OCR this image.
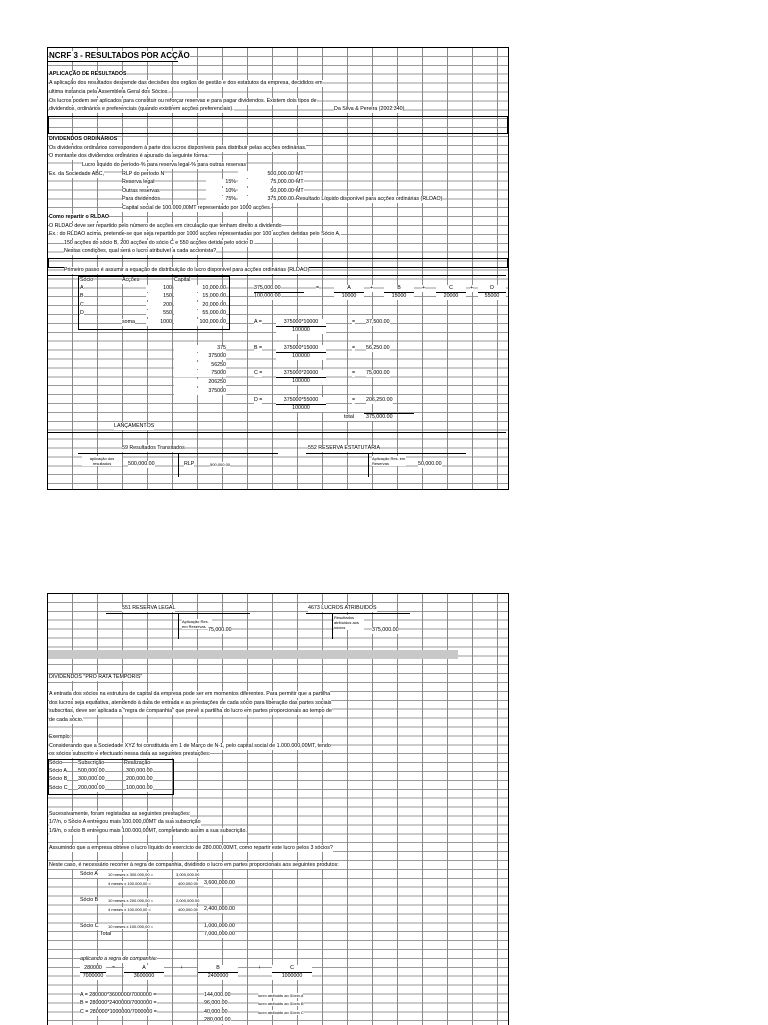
NCRF 3 - RESULTADOS POR ACÇÃO
APLICAÇÃO DE RESULTADOS
A aplicação dos resultados despende das decisões dos orgãos de gestão e dos estatutos da empresa, decididos em
ultima instancia pela Assembleia Geral dos Sócios.
Os lucros podem ser aplicados para constituir ou reforçar reservas e para pagar dividendos. Existem dois tipos de
dividendos, ordinários e preferenciais (quando existirem acções preferenciais).	Da Silva & Pereira (2002:340)
DIVIDENDOS ORDINÁRIOS
Os dividendos ordinários correspondem à parte dos lucros disponíveis para distribuir pelas acções ordinárias.
O montante dos dividendos ordinários é apurado da seguinte forma:
Lucro líquido do período-% para reserva legal-% para outras reservas
Ex. da Sociedade ABC,	RLP do período N	500,000.00 MT
Reserva legal	15%	75,000.00 MT
Outras reservas	10%	50,000.00 MT
Para dividendos	75%	375,000.00 Resultado Líquido disponível para acções ordinárias (RLDAO)
Capital social de 100.000,00MT representado por 1000 acções.
Como repartir o RLDAO
O RLDAO deve ser repartido pelo número de acções em circulação que tenham direito a dividendo
Ex.: do RLDAO acima, pretende-se que seja repartido por 1000 acções representadas por 100 acções detidas pelo Sócio A,
150 acções do sócio B, 200 acções do sócio C e 550 acções detida pelo sócio D.
Nestas condições, qual será o lucro atribuível a cada accionista?
Primeiro passo é assumir a equação de distribuição do lucro disponivel para acções ordinárias (RLDAO)
Sócio	Acções	Capital
A	100	10,000.00
B	150	15,000.00
C	200	20,000.00
D	550	55,000.00
soma	1000	100,000.00
375,000.00
100,000.00
=	A
10000
+	B
15000
+	C
20000
+	D
55000
A =	375000*10000
100000
= 37,500.00
375
375000
56250
75000
206250
375000
B =	375000*15000
100000
= 56,250.00
C =	375000*20000
100000
= 75,000.00
D =	375000*55000
100000
= 206,250.00
total 375,000.00
LANÇAMENTOS
59 Resultados Transitados
aplicação dos resultados	500,000.00	RLP	500,000.00
552 RESERVA ESTATUTÁRIA
Aplicação Res. em Reservas	50,000.00
551 RESERVA LEGAL
Aplicação Res. em Reservas
75,000.00
4673 LUCROS ATRIBUIDOS
Resultados atribuidos aos sócios	375,000.00
DIVIDENDOS "PRO RATA TEMPORIS"
A entrada dos sócios na estrutura de capital da empresa pode ser em momentos diferentes. Para permitir que a partilha
dos lucros seja equitativa, atendendo à data de entrada e as prestações de cada sócio para liberação das partes sociais
subscritas, deve ser aplicada a "regra de companhia" que prevê a partilha do lucro em partes proporcionais ao tempo de
de cada sócio.
Exemplo:
Considerando que a Sociedade XYZ foi constituida em 1 de Março de N-1, pelo capital social de 1.000.000,00MT, tendo
os sócios subscrito e efectuado nessa data as seguintes prestações:
Sócio	Subscrição	Realização
Sócio A 500,000.00	300,000.00
Sócio B 300,000.00	200,000.00
Sócio C 200,000.00	100,000.00
Sucessivamente, foram registadas as seguintes prestações:
1/7/n, o Sócio A entregou mais 100.000,00MT da sua subscrição
1/9/n, o sócio B entregou mais 100.000,00MT, completando assim a sua subscrição.
Assumindo que a empresa obteve o lucro líquido do exercício de 280.000,00MT, como repartir este lucro pelos 3 sócios?
Neste caso, é necessário recorrer à regra de companhia, dividindo o lucro em partes proporcionais aos seguintes produtos:
Sócio A	10 meses x 300.000,00 =	3,000,000.00
4 meses x 100.000,00 =	400,000.00 3,600,000.00
Sócio B 10 meses x 200.000,00 =	2,000,000.00
4 meses x 100.000,00 =	400,000.00 2,400,000.00
Sócio C 10 meses x 100.000,00 =	1,000,000.00
Total	7,000,000.00
aplicando a regra de companhia:
280000
7000000
=	A
3600000
+	B
2400000
+	C
1000000
A = 280000*3600000/7000000 =	144,000.00	lucro atribuido ao Sócio A
B = 280000*2400000/7000000 =	96,000.00	lucro atribuido ao Sócio B
C = 280000*1000000/7000000 =	40,000.00	lucro atribuido ao Sócio C
280,000.00
